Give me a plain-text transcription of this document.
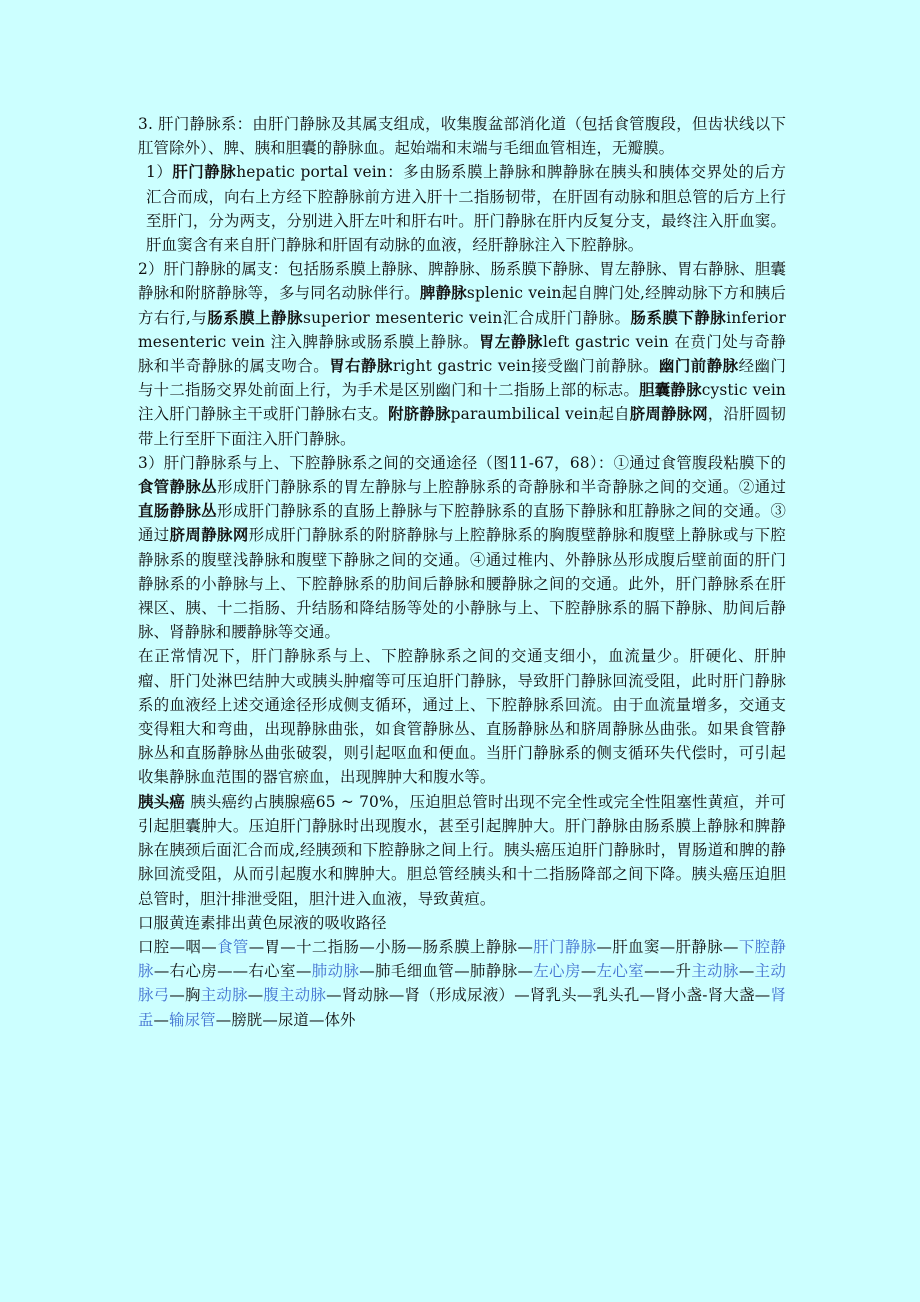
3. 肝门静脉系：由肝门静脉及其属支组成，收集腹盆部消化道（包括食管腹段，但齿状线以下肛管除外）、脾、胰和胆囊的静脉血。起始端和末端与毛细血管相连，无瓣膜。

1）肝门静脉hepatic portal vein：多由肠系膜上静脉和脾静脉在胰头和胰体交界处的后方汇合而成，向右上方经下腔静脉前方进入肝十二指肠韧带，在肝固有动脉和胆总管的后方上行至肝门，分为两支，分别进入肝左叶和肝右叶。肝门静脉在肝内反复分支，最终注入肝血窦。肝血窦含有来自肝门静脉和肝固有动脉的血液，经肝静脉注入下腔静脉。

2）肝门静脉的属支：包括肠系膜上静脉、脾静脉、肠系膜下静脉、胃左静脉、胃右静脉、胆囊静脉和附脐静脉等，多与同名动脉伴行。脾静脉splenic vein起自脾门处,经脾动脉下方和胰后方右行,与肠系膜上静脉superior mesenteric vein汇合成肝门静脉。肠系膜下静脉inferior mesenteric vein 注入脾静脉或肠系膜上静脉。胃左静脉left gastric vein 在贲门处与奇静脉和半奇静脉的属支吻合。胃右静脉right gastric vein接受幽门前静脉。幽门前静脉经幽门与十二指肠交界处前面上行，为手术是区别幽门和十二指肠上部的标志。胆囊静脉cystic vein注入肝门静脉主干或肝门静脉右支。附脐静脉paraumbilical vein起自脐周静脉网，沿肝圆韧带上行至肝下面注入肝门静脉。

3）肝门静脉系与上、下腔静脉系之间的交通途径（图11-67，68）：①通过食管腹段粘膜下的食管静脉丛形成肝门静脉系的胃左静脉与上腔静脉系的奇静脉和半奇静脉之间的交通。②通过直肠静脉丛形成肝门静脉系的直肠上静脉与下腔静脉系的直肠下静脉和肛静脉之间的交通。③通过脐周静脉网形成肝门静脉系的附脐静脉与上腔静脉系的胸腹壁静脉和腹壁上静脉或与下腔静脉系的腹壁浅静脉和腹壁下静脉之间的交通。④通过椎内、外静脉丛形成腹后壁前面的肝门静脉系的小静脉与上、下腔静脉系的肋间后静脉和腰静脉之间的交通。此外，肝门静脉系在肝裸区、胰、十二指肠、升结肠和降结肠等处的小静脉与上、下腔静脉系的膈下静脉、肋间后静脉、肾静脉和腰静脉等交通。

在正常情况下，肝门静脉系与上、下腔静脉系之间的交通支细小，血流量少。肝硬化、肝肿瘤、肝门处淋巴结肿大或胰头肿瘤等可压迫肝门静脉，导致肝门静脉回流受阻，此时肝门静脉系的血液经上述交通途径形成侧支循环，通过上、下腔静脉系回流。由于血流量增多，交通支变得粗大和弯曲，出现静脉曲张，如食管静脉丛、直肠静脉丛和脐周静脉丛曲张。如果食管静脉丛和直肠静脉丛曲张破裂，则引起呕血和便血。当肝门静脉系的侧支循环失代偿时，可引起收集静脉血范围的器官瘀血，出现脾肿大和腹水等。

胰头癌 胰头癌约占胰腺癌65 ~ 70%，压迫胆总管时出现不完全性或完全性阻塞性黄疸，并可引起胆囊肿大。压迫肝门静脉时出现腹水，甚至引起脾肿大。肝门静脉由肠系膜上静脉和脾静脉在胰颈后面汇合而成,经胰颈和下腔静脉之间上行。胰头癌压迫肝门静脉时，胃肠道和脾的静脉回流受阻，从而引起腹水和脾肿大。胆总管经胰头和十二指肠降部之间下降。胰头癌压迫胆总管时，胆汁排泄受阻，胆汁进入血液，导致黄疸。

口服黄连素排出黄色尿液的吸收路径

口腔—咽—食管—胃—十二指肠—小肠—肠系膜上静脉—肝门静脉—肝血窦—肝静脉—下腔静脉—右心房——右心室—肺动脉—肺毛细血管—肺静脉—左心房—左心室——升主动脉—主动脉弓—胸主动脉—腹主动脉—肾动脉—肾（形成尿液）—肾乳头—乳头孔—肾小盏-肾大盏—肾盂—输尿管—膀胱—尿道—体外
